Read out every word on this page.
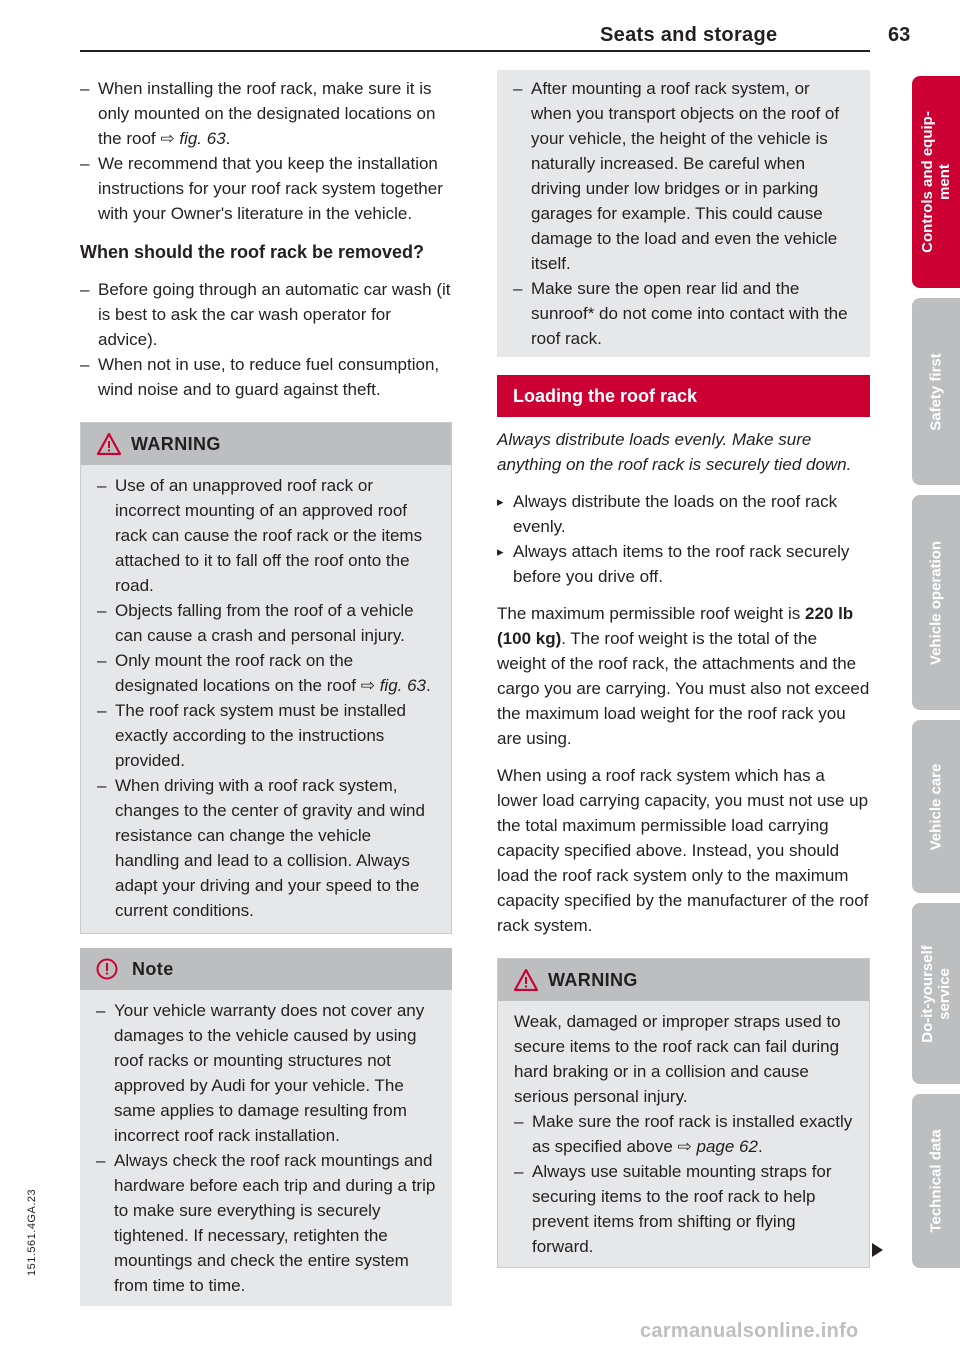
Seats and storage	63

– When installing the roof rack, make sure it is only mounted on the designated locations on the roof ⇨ fig. 63.

– We recommend that you keep the installation instructions for your roof rack system together with your Owner's literature in the vehicle.

When should the roof rack be removed?

– Before going through an automatic car wash (it is best to ask the car wash operator for advice).

– When not in use, to reduce fuel consumption, wind noise and to guard against theft.

WARNING

– Use of an unapproved roof rack or incorrect mounting of an approved roof rack can cause the roof rack or the items attached to it to fall off the roof onto the road.

– Objects falling from the roof of a vehicle can cause a crash and personal injury.

– Only mount the roof rack on the designated locations on the roof ⇨ fig. 63.

– The roof rack system must be installed exactly according to the instructions provided.

– When driving with a roof rack system, changes to the center of gravity and wind resistance can change the vehicle handling and lead to a collision. Always adapt your driving and your speed to the current conditions.

Note

– Your vehicle warranty does not cover any damages to the vehicle caused by using roof racks or mounting structures not approved by Audi for your vehicle. The same applies to damage resulting from incorrect roof rack installation.

– Always check the roof rack mountings and hardware before each trip and during a trip to make sure everything is securely tightened. If necessary, retighten the mountings and check the entire system from time to time.

– After mounting a roof rack system, or when you transport objects on the roof of your vehicle, the height of the vehicle is naturally increased. Be careful when driving under low bridges or in parking garages for example. This could cause damage to the load and even the vehicle itself.

– Make sure the open rear lid and the sunroof* do not come into contact with the roof rack.

Loading the roof rack

Always distribute loads evenly. Make sure anything on the roof rack is securely tied down.

▸ Always distribute the loads on the roof rack evenly.

▸ Always attach items to the roof rack securely before you drive off.

The maximum permissible roof weight is 220 lb (100 kg). The roof weight is the total of the weight of the roof rack, the attachments and the cargo you are carrying. You must also not exceed the maximum load weight for the roof rack you are using.

When using a roof rack system which has a lower load carrying capacity, you must not use up the total maximum permissible load carrying capacity specified above. Instead, you should load the roof rack system only to the maximum capacity specified by the manufacturer of the roof rack system.

WARNING

Weak, damaged or improper straps used to secure items to the roof rack can fail during hard braking or in a collision and cause serious personal injury.

– Make sure the roof rack is installed exactly as specified above ⇨ page 62.

– Always use suitable mounting straps for securing items to the roof rack to help prevent items from shifting or flying forward.

Controls and equip-
ment
Safety first
Vehicle operation
Vehicle care
Do-it-yourself
service
Technical data
151.561.4GA.23
carmanualsonline.info
